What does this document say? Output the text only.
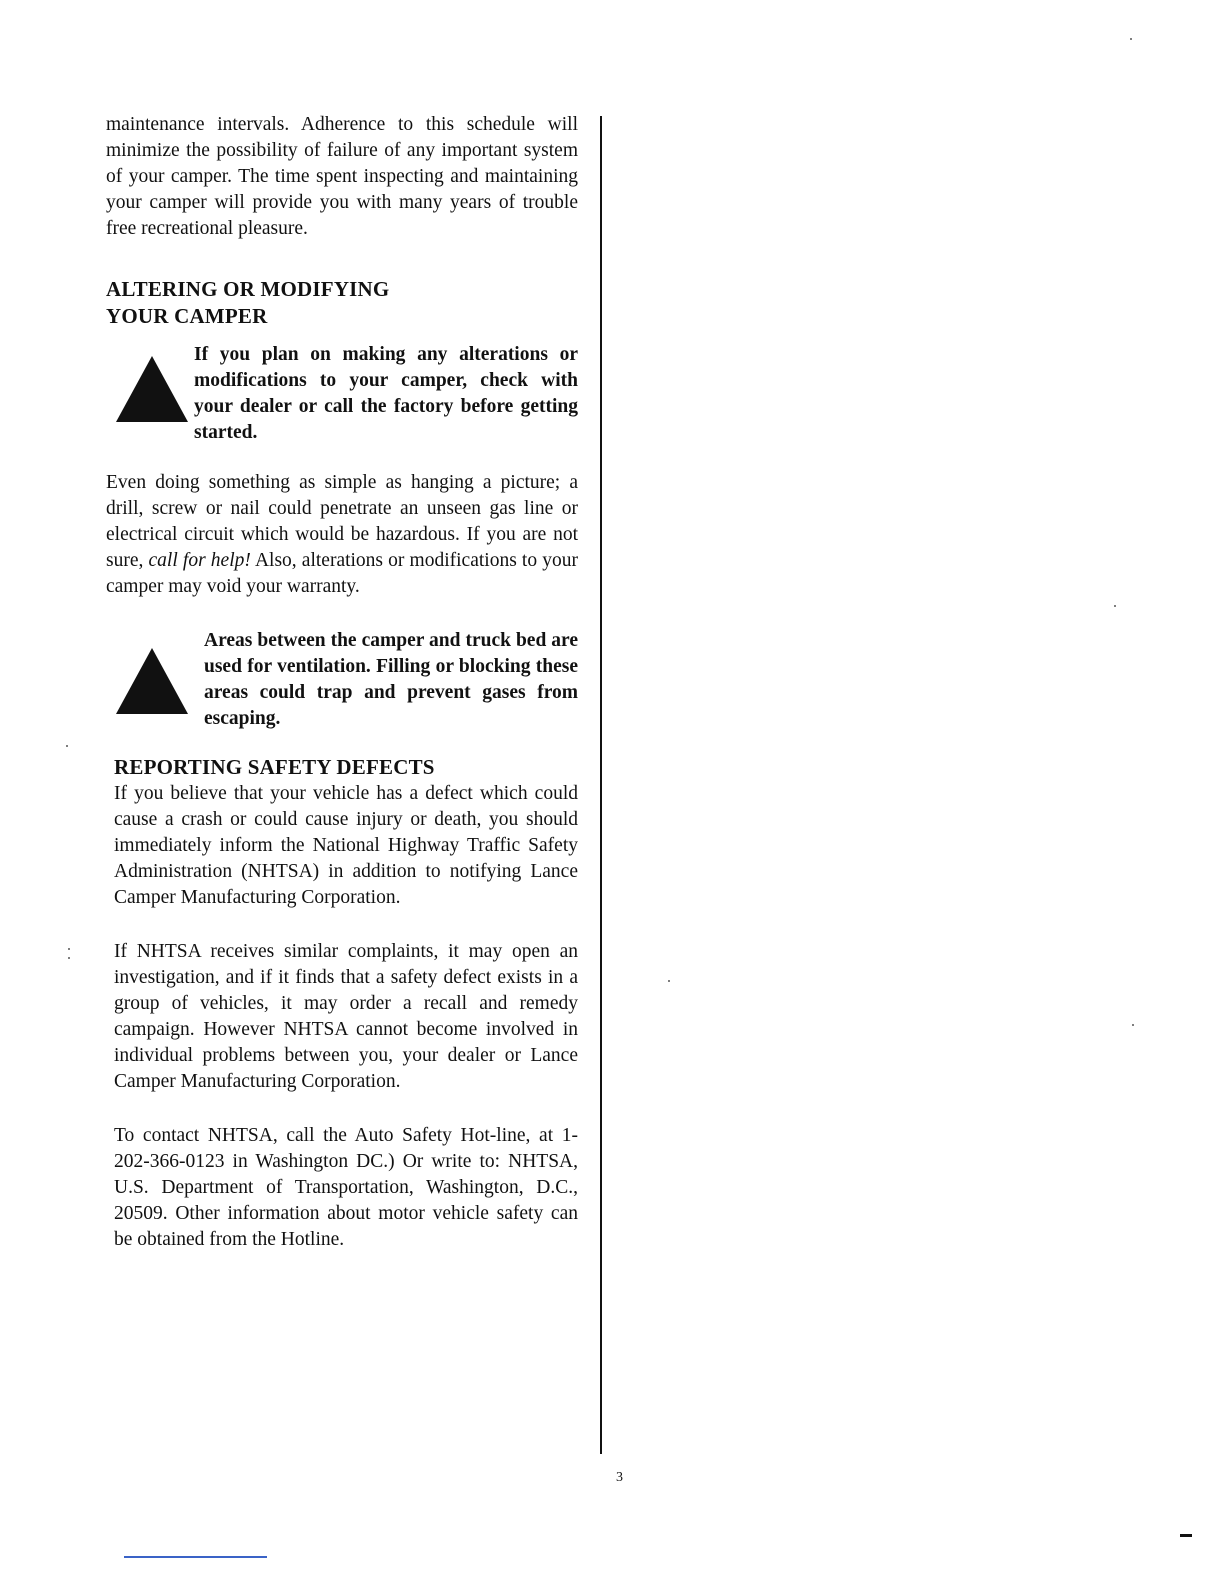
maintenance intervals. Adherence to this schedule will minimize the possibility of failure of any important system of your camper. The time spent inspecting and maintaining your camper will provide you with many years of trouble free recreational pleasure.

ALTERING OR MODIFYING
YOUR CAMPER

If you plan on making any alterations or modifications to your camper, check with your dealer or call the factory before getting started.

Even doing something as simple as hanging a picture; a drill, screw or nail could penetrate an unseen gas line or electrical circuit which would be hazardous. If you are not sure, call for help! Also, alterations or modifications to your camper may void your warranty.

Areas between the camper and truck bed are used for ventilation. Filling or blocking these areas could trap and prevent gases from escaping.

REPORTING SAFETY DEFECTS

If you believe that your vehicle has a defect which could cause a crash or could cause injury or death, you should immediately inform the National Highway Traffic Safety Administration (NHTSA) in addition to notifying Lance Camper Manufacturing Corporation.

If NHTSA receives similar complaints, it may open an investigation, and if it finds that a safety defect exists in a group of vehicles, it may order a recall and remedy campaign. However NHTSA cannot become involved in individual problems between you, your dealer or Lance Camper Manufacturing Corporation.

To contact NHTSA, call the Auto Safety Hot-line, at 1-202-366-0123 in Washington DC.) Or write to: NHTSA, U.S. Department of Transportation, Washington, D.C., 20509. Other information about motor vehicle safety can be obtained from the Hotline.

3
